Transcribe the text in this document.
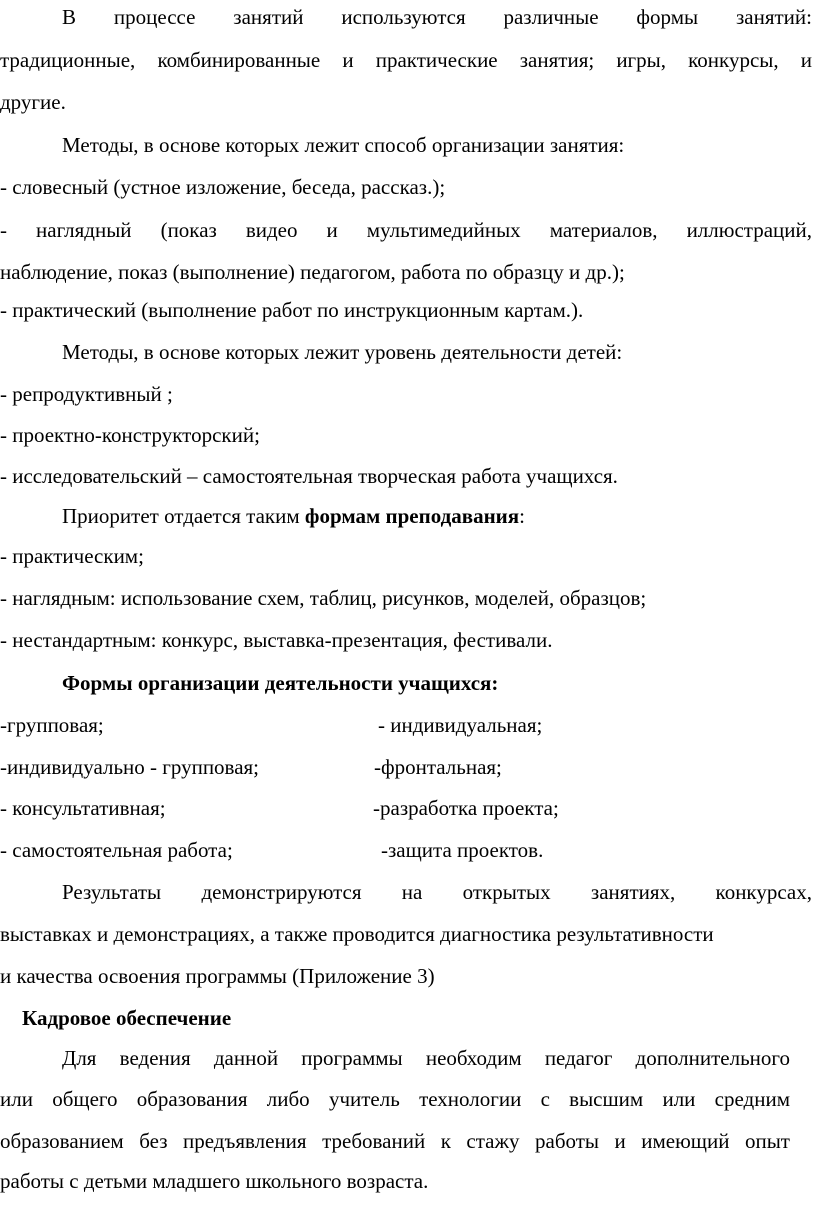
В процессе занятий используются различные формы занятий:
традиционные, комбинированные и практические занятия; игры, конкурсы, и
другие.
Методы, в основе которых лежит способ организации занятия:
- словесный (устное изложение, беседа, рассказ.);
- наглядный (показ видео и мультимедийных материалов, иллюстраций,
наблюдение, показ (выполнение) педагогом, работа по образцу и др.);
- практический (выполнение работ по инструкционным картам.).
Методы, в основе которых лежит уровень деятельности детей:
- репродуктивный ;
- проектно-конструкторский;
- исследовательский – самостоятельная творческая работа учащихся.
Приоритет отдается таким формам преподавания:
- практическим;
- наглядным: использование схем, таблиц, рисунков, моделей, образцов;
- нестандартным: конкурс, выставка-презентация, фестивали.
Формы организации деятельности учащихся:
-групповая;	- индивидуальная;
-индивидуально - групповая;	-фронтальная;
- консультативная;	-разработка проекта;
- самостоятельная работа;	-защита проектов.
Результаты демонстрируются на открытых занятиях, конкурсах,
выставках и демонстрациях, а также проводится диагностика результативности
и качества освоения программы (Приложение 3)
Кадровое обеспечение
Для ведения данной программы необходим педагог дополнительного
или общего образования либо учитель технологии с высшим или средним
образованием без предъявления требований к стажу работы и имеющий опыт
работы с детьми младшего школьного возраста.
